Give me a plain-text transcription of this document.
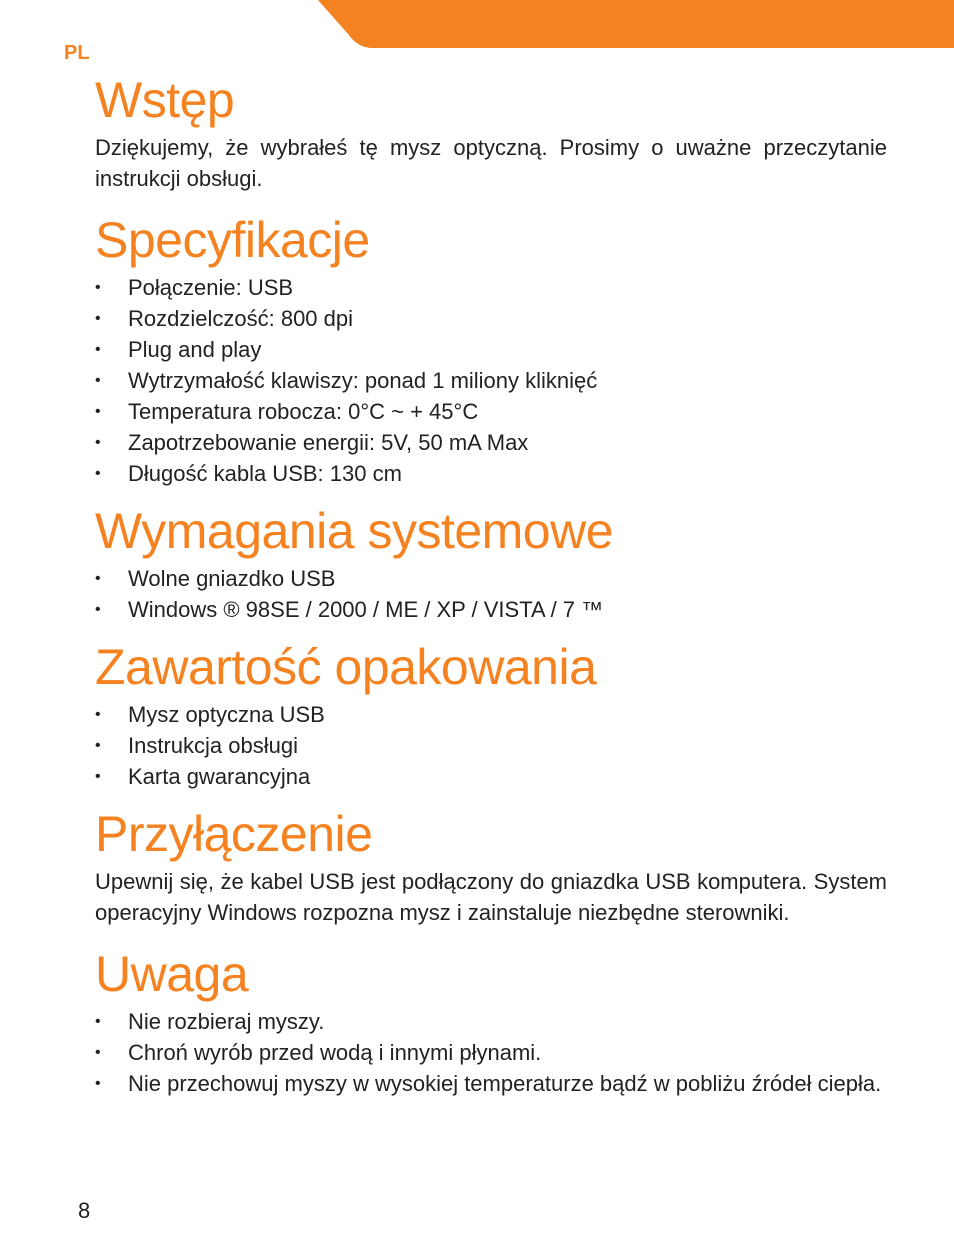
PL
Wstęp

Dziękujemy, że wybrałeś tę mysz optyczną. Prosimy o uważne przeczytanie instrukcji obsługi.

Specyfikacje
• Połączenie: USB
• Rozdzielczość: 800 dpi
• Plug and play
• Wytrzymałość klawiszy: ponad 1 miliony kliknięć
• Temperatura robocza: 0°C ~ + 45°C
• Zapotrzebowanie energii: 5V, 50 mA Max
• Długość kabla USB: 130 cm
Wymagania systemowe
• Wolne gniazdko USB
• Windows ® 98SE / 2000 / ME / XP / VISTA / 7 ™
Zawartość opakowania
• Mysz optyczna USB
• Instrukcja obsługi
• Karta gwarancyjna
Przyłączenie

Upewnij się, że kabel USB jest podłączony do gniazdka USB komputera. System operacyjny Windows rozpozna mysz i zainstaluje niezbędne sterowniki.

Uwaga
• Nie rozbieraj myszy.
• Chroń wyrób przed wodą i innymi płynami.
• Nie przechowuj myszy w wysokiej temperaturze bądź w pobliżu źródeł ciepła.
8
